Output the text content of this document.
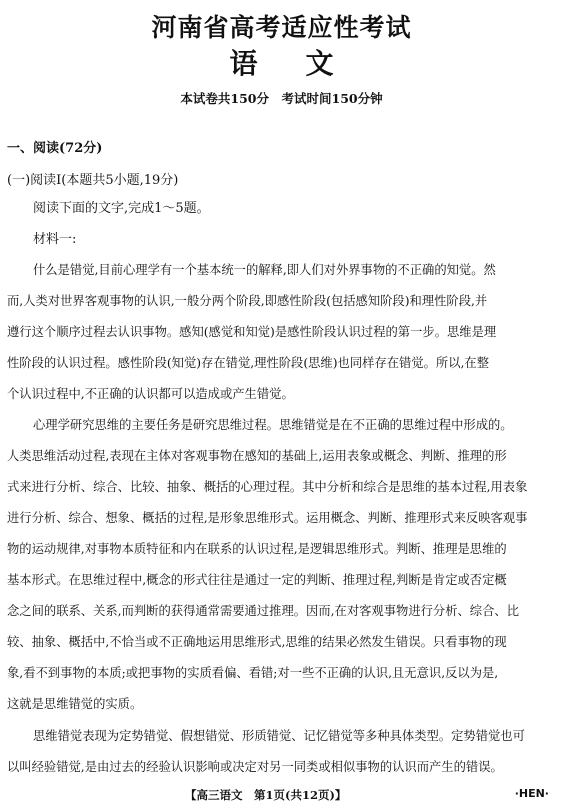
河南省高考适应性考试
语文
本试卷共150分　考试时间150分钟
一、阅读(72分)
(一)阅读Ⅰ(本题共5小题,19分)
阅读下面的文字,完成1～5题。
材料一:
什么是错觉,目前心理学有一个基本统一的解释,即人们对外界事物的不正确的知觉。然
而,人类对世界客观事物的认识,一般分两个阶段,即感性阶段(包括感知阶段)和理性阶段,并
遵行这个顺序过程去认识事物。感知(感觉和知觉)是感性阶段认识过程的第一步。思维是理
性阶段的认识过程。感性阶段(知觉)存在错觉,理性阶段(思维)也同样存在错觉。所以,在整
个认识过程中,不正确的认识都可以造成或产生错觉。
心理学研究思维的主要任务是研究思维过程。思维错觉是在不正确的思维过程中形成的。
人类思维活动过程,表现在主体对客观事物在感知的基础上,运用表象或概念、判断、推理的形
式来进行分析、综合、比较、抽象、概括的心理过程。其中分析和综合是思维的基本过程,用表象
进行分析、综合、想象、概括的过程,是形象思维形式。运用概念、判断、推理形式来反映客观事
物的运动规律,对事物本质特征和内在联系的认识过程,是逻辑思维形式。判断、推理是思维的
基本形式。在思维过程中,概念的形式往往是通过一定的判断、推理过程,判断是肯定或否定概
念之间的联系、关系,而判断的获得通常需要通过推理。因而,在对客观事物进行分析、综合、比
较、抽象、概括中,不恰当或不正确地运用思维形式,思维的结果必然发生错误。只看事物的现
象,看不到事物的本质;或把事物的实质看偏、看错;对一些不正确的认识,且无意识,反以为是,
这就是思维错觉的实质。
思维错觉表现为定势错觉、假想错觉、形质错觉、记忆错觉等多种具体类型。定势错觉也可
以叫经验错觉,是由过去的经验认识影响或决定对另一同类或相似事物的认识而产生的错误。
【高三语文　第1页(共12页)】	·HEN·
